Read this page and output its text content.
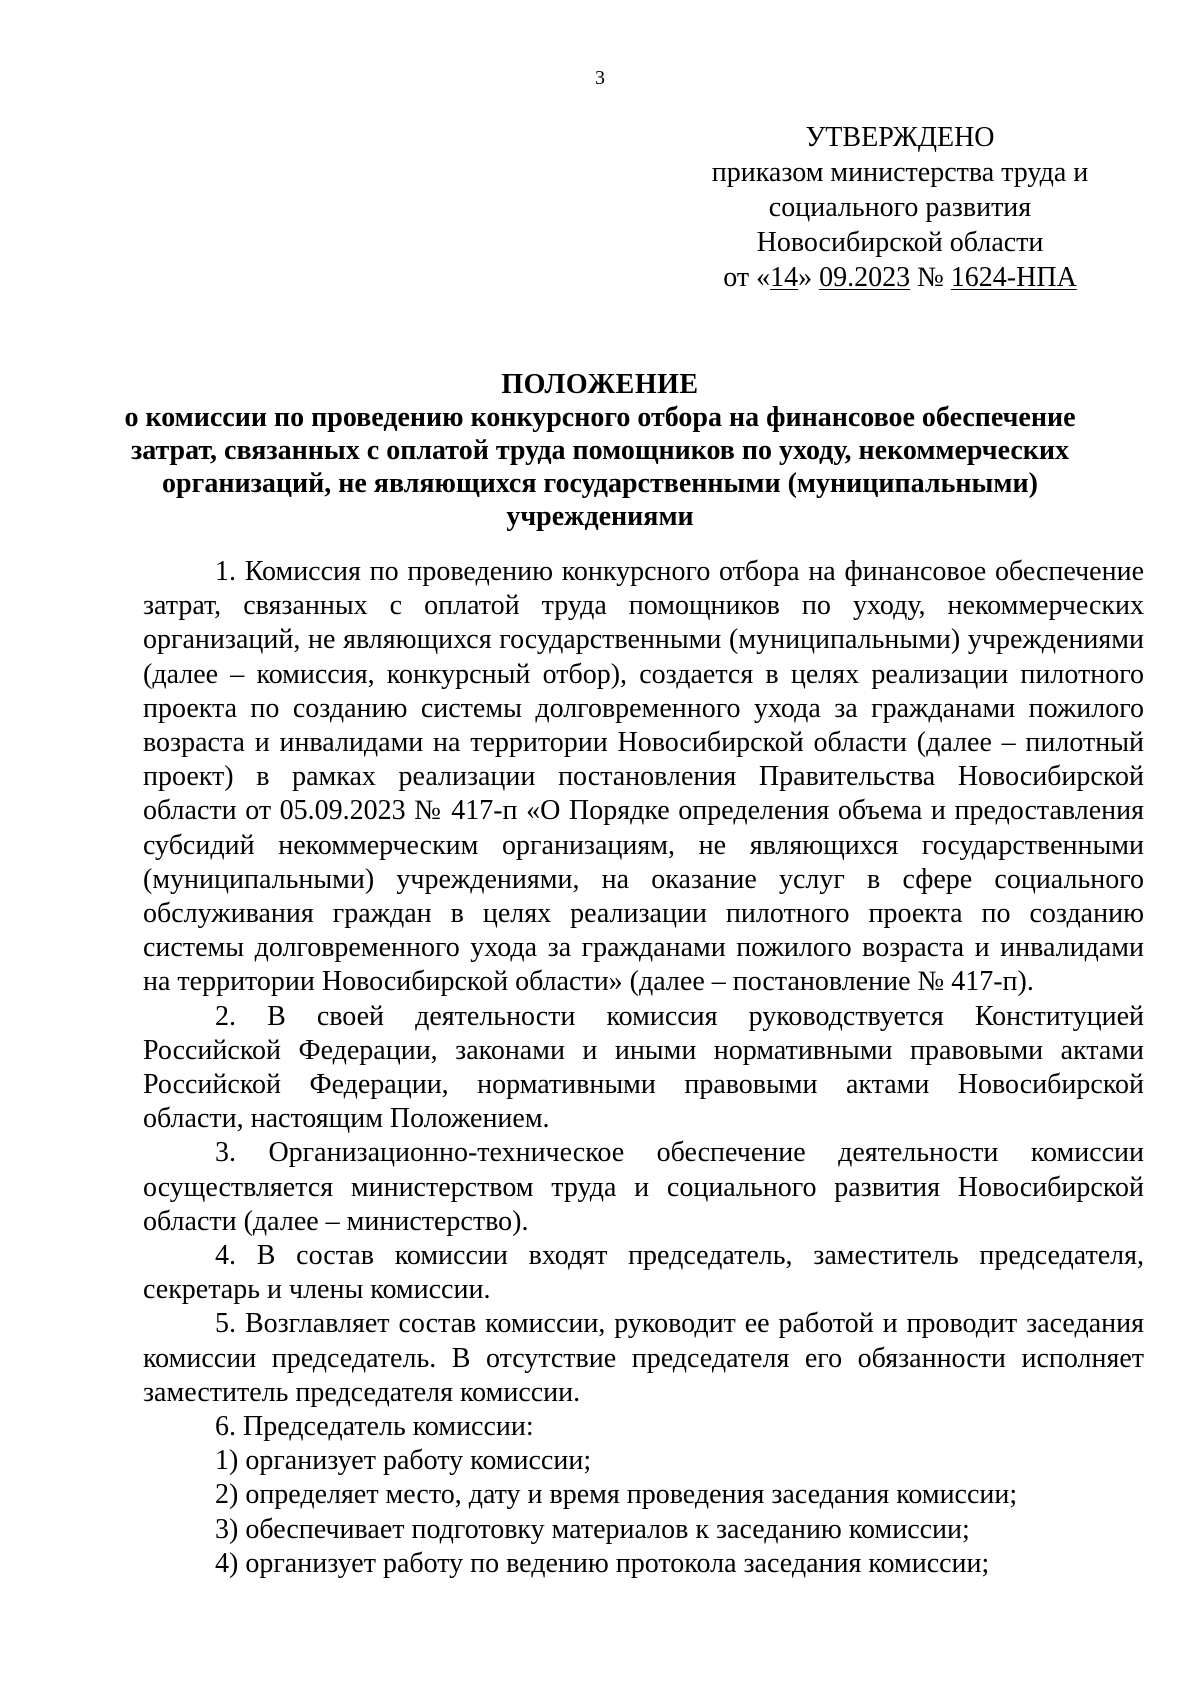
3
УТВЕРЖДЕНО
приказом министерства труда и
социального развития
Новосибирской области
от «14» 09.2023 № 1624-НПА
ПОЛОЖЕНИЕ
о комиссии по проведению конкурсного отбора на финансовое обеспечение
затрат, связанных с оплатой труда помощников по уходу, некоммерческих
организаций, не являющихся государственными (муниципальными)
учреждениями

1. Комиссия по проведению конкурсного отбора на финансовое обеспечение затрат, связанных с оплатой труда помощников по уходу, некоммерческих организаций, не являющихся государственными (муниципальными) учреждениями (далее – комиссия, конкурсный отбор), создается в целях реализации пилотного проекта по созданию системы долговременного ухода за гражданами пожилого возраста и инвалидами на территории Новосибирской области (далее – пилотный проект) в рамках реализации постановления Правительства Новосибирской области от 05.09.2023 № 417-п «О Порядке определения объема и предоставления субсидий некоммерческим организациям, не являющихся государственными (муниципальными) учреждениями, на оказание услуг в сфере социального обслуживания граждан в целях реализации пилотного проекта по созданию системы долговременного ухода за гражданами пожилого возраста и инвалидами на территории Новосибирской области» (далее – постановление № 417-п).

2. В своей деятельности комиссия руководствуется Конституцией Российской Федерации, законами и иными нормативными правовыми актами Российской Федерации, нормативными правовыми актами Новосибирской области, настоящим Положением.

3. Организационно-техническое обеспечение деятельности комиссии осуществляется министерством труда и социального развития Новосибирской области (далее – министерство).

4. В состав комиссии входят председатель, заместитель председателя, секретарь и члены комиссии.

5. Возглавляет состав комиссии, руководит ее работой и проводит заседания комиссии председатель. В отсутствие председателя его обязанности исполняет заместитель председателя комиссии.

6. Председатель комиссии:

1) организует работу комиссии;

2) определяет место, дату и время проведения заседания комиссии;

3) обеспечивает подготовку материалов к заседанию комиссии;

4) организует работу по ведению протокола заседания комиссии;
